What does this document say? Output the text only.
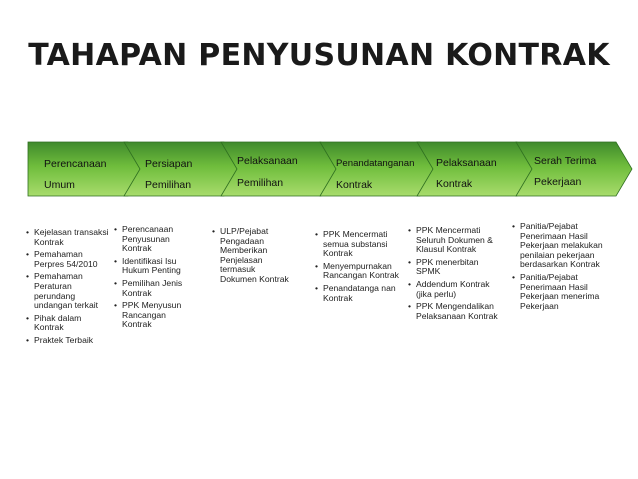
TAHAPAN PENYUSUNAN KONTRAK
Perencanaan
Umum
Persiapan
Pemilihan
Pelaksanaan
Pemilihan
Penandatanganan
Kontrak
Pelaksanaan
Kontrak
Serah Terima
Pekerjaan
• Kejelasan transaksi Kontrak
• Pemahaman Perpres 54/2010
• Pemahaman Peraturan perundang undangan terkait
• Pihak dalam Kontrak
• Praktek Terbaik
• Perencanaan Penyusunan Kontrak
• Identifikasi Isu Hukum Penting
• Pemilihan Jenis Kontrak
• PPK Menyusun Rancangan Kontrak
• ULP/Pejabat Pengadaan Memberikan Penjelasan termasuk Dokumen Kontrak
• PPK Mencermati semua substansi Kontrak
• Menyempurnakan Rancangan Kontrak
• Penandatanga nan Kontrak
• PPK Mencermati Seluruh Dokumen & Klausul Kontrak
• PPK menerbitan SPMK
• Addendum Kontrak (jika perlu)
• PPK Mengendalikan Pelaksanaan Kontrak
• Panitia/Pejabat Penerimaan Hasil Pekerjaan melakukan penilaian pekerjaan berdasarkan Kontrak
• Panitia/Pejabat Penerimaan Hasil Pekerjaan menerima Pekerjaan
